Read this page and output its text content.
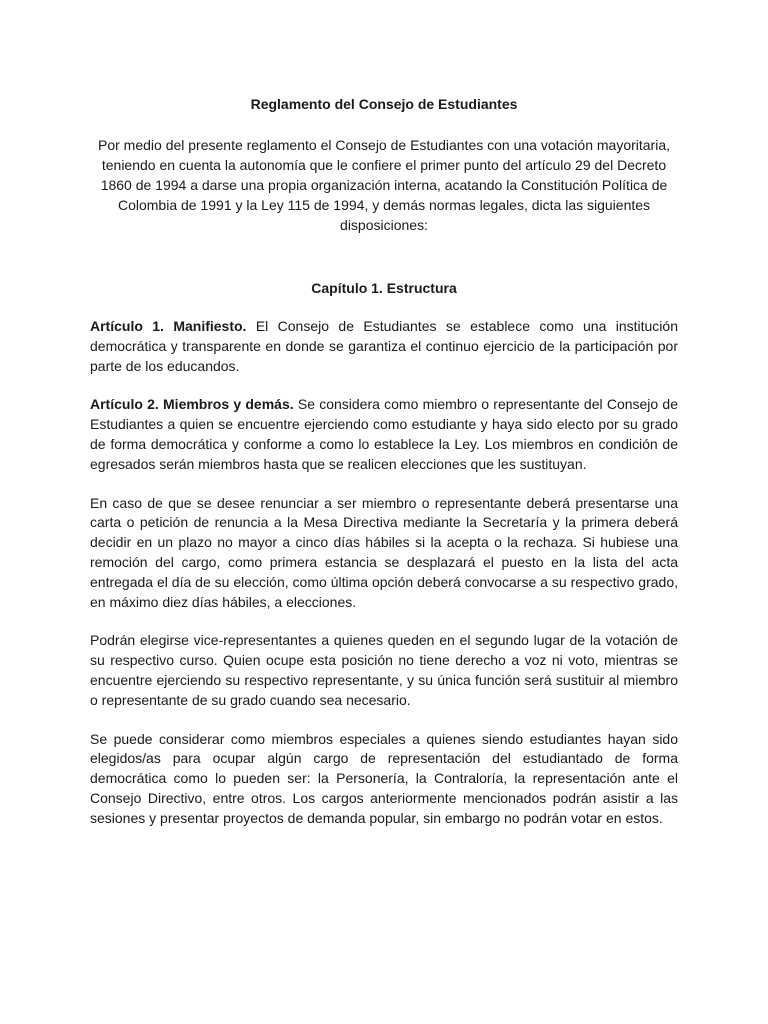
Reglamento del Consejo de Estudiantes

Por medio del presente reglamento el Consejo de Estudiantes con una votación mayoritaria, teniendo en cuenta la autonomía que le confiere el primer punto del artículo 29 del Decreto 1860 de 1994 a darse una propia organización interna, acatando la Constitución Política de Colombia de 1991 y la Ley 115 de 1994, y demás normas legales, dicta las siguientes disposiciones:

Capítulo 1. Estructura

Artículo 1. Manifiesto. El Consejo de Estudiantes se establece como una institución democrática y transparente en donde se garantiza el continuo ejercicio de la participación por parte de los educandos.

Artículo 2. Miembros y demás. Se considera como miembro o representante del Consejo de Estudiantes a quien se encuentre ejerciendo como estudiante y haya sido electo por su grado de forma democrática y conforme a como lo establece la Ley. Los miembros en condición de egresados serán miembros hasta que se realicen elecciones que les sustituyan.

En caso de que se desee renunciar a ser miembro o representante deberá presentarse una carta o petición de renuncia a la Mesa Directiva mediante la Secretaría y la primera deberá decidir en un plazo no mayor a cinco días hábiles si la acepta o la rechaza. Si hubiese una remoción del cargo, como primera estancia se desplazará el puesto en la lista del acta entregada el día de su elección, como última opción deberá convocarse a su respectivo grado, en máximo diez días hábiles, a elecciones.

Podrán elegirse vice-representantes a quienes queden en el segundo lugar de la votación de su respectivo curso. Quien ocupe esta posición no tiene derecho a voz ni voto, mientras se encuentre ejerciendo su respectivo representante, y su única función será sustituir al miembro o representante de su grado cuando sea necesario.

Se puede considerar como miembros especiales a quienes siendo estudiantes hayan sido elegidos/as para ocupar algún cargo de representación del estudiantado de forma democrática como lo pueden ser: la Personería, la Contraloría, la representación ante el Consejo Directivo, entre otros. Los cargos anteriormente mencionados podrán asistir a las sesiones y presentar proyectos de demanda popular, sin embargo no podrán votar en estos.
